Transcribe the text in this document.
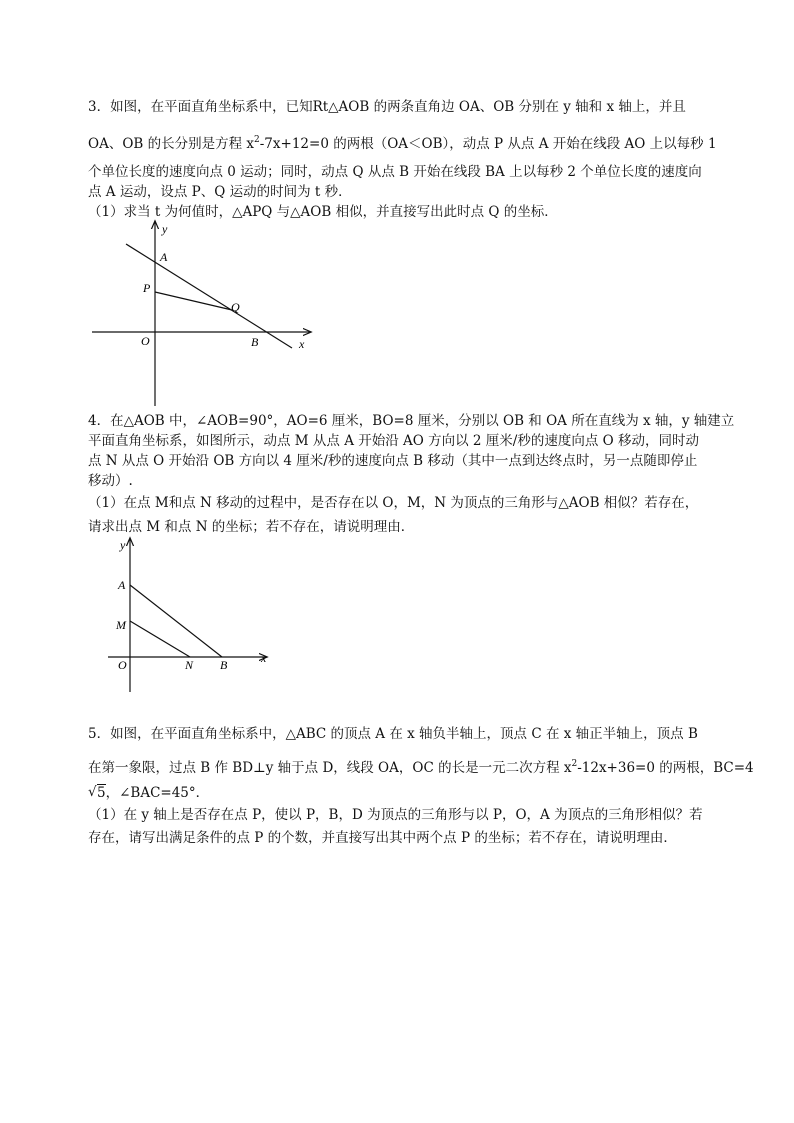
3．如图，在平面直角坐标系中，已知Rt△AOB 的两条直角边 OA、OB 分别在 y 轴和 x 轴上，并且
OA、OB 的长分别是方程 $x^2-7x+12=0$ 的两根（OA＜OB），动点 P 从点 A 开始在线段 AO 上以每秒 1
个单位长度的速度向点 0 运动；同时，动点 Q 从点 B 开始在线段 BA 上以每秒 2 个单位长度的速度向
点 A 运动，设点 P、Q 运动的时间为 t 秒．
（1）求当 t 为何值时，△APQ 与△AOB 相似，并直接写出此时点 Q 的坐标．
y
x
A
P
Q
O	B
4．在△AOB 中，∠AOB=90°，AO=6 厘米，BO=8 厘米，分别以 OB 和 OA 所在直线为 x 轴，y 轴建立
平面直角坐标系，如图所示，动点 M 从点 A 开始沿 AO 方向以 2 厘米/秒的速度向点 O 移动，同时动
点 N 从点 O 开始沿 OB 方向以 4 厘米/秒的速度向点 B 移动（其中一点到达终点时，另一点随即停止
移动）.
（1）在点 M和点 N 移动的过程中，是否存在以 O，M，N 为顶点的三角形与△AOB 相似？若存在，
请求出点 M 和点 N 的坐标；若不存在，请说明理由．
y
x
A
M
O	N B
5．如图，在平面直角坐标系中，△ABC 的顶点 A 在 x 轴负半轴上，顶点 C 在 x 轴正半轴上，顶点 B
在第一象限，过点 B 作 BD⊥y 轴于点 D，线段 OA，OC 的长是一元二次方程 $x^2-12x+36=0$ 的两根，BC=4
√ 5，∠BAC=45°．
（1）在 y 轴上是否存在点 P，使以 P，B，D 为顶点的三角形与以 P，O，A 为顶点的三角形相似？若
存在，请写出满足条件的点 P 的个数，并直接写出其中两个点 P 的坐标；若不存在，请说明理由．
